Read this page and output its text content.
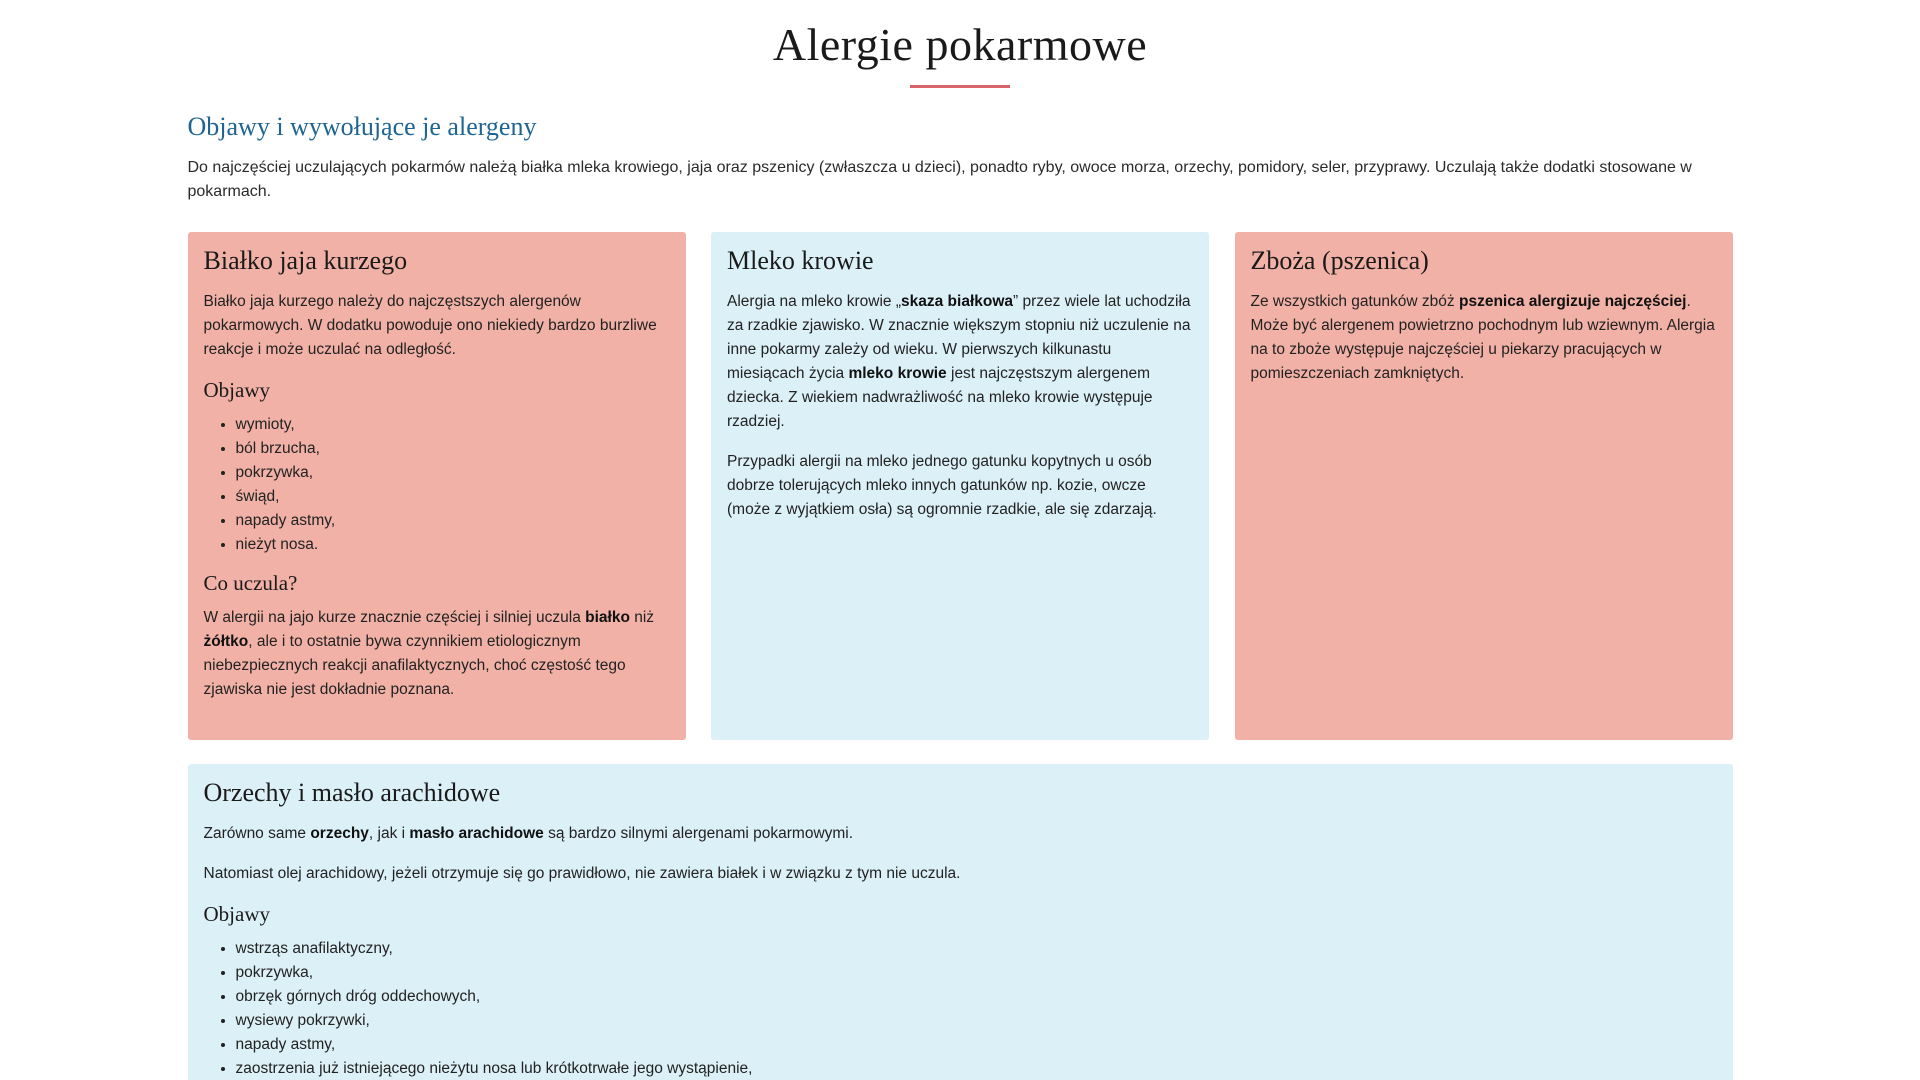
Alergie pokarmowe
Objawy i wywołujące je alergeny

Do najczęściej uczulających pokarmów należą białka mleka krowiego, jaja oraz pszenicy (zwłaszcza u dzieci), ponadto ryby, owoce morza, orzechy, pomidory, seler, przyprawy. Uczulają także dodatki stosowane w pokarmach.

Białko jaja kurzego

Białko jaja kurzego należy do najczęstszych alergenów pokarmowych. W dodatku powoduje ono niekiedy bardzo burzliwe reakcje i może uczulać na odległość.

Objawy
• wymioty,
• ból brzucha,
• pokrzywka,
• świąd,
• napady astmy,
• nieżyt nosa.
Co uczula?

W alergii na jajo kurze znacznie częściej i silniej uczula białko niż żółtko, ale i to ostatnie bywa czynnikiem etiologicznym niebezpiecznych reakcji anafilaktycznych, choć częstość tego zjawiska nie jest dokładnie poznana.

Mleko krowie

Alergia na mleko krowie „skaza białkowa” przez wiele lat uchodziła za rzadkie zjawisko. W znacznie większym stopniu niż uczulenie na inne pokarmy zależy od wieku. W pierwszych kilkunastu miesiącach życia mleko krowie jest najczęstszym alergenem dziecka. Z wiekiem nadwrażliwość na mleko krowie występuje rzadziej.

Przypadki alergii na mleko jednego gatunku kopytnych u osób dobrze tolerujących mleko innych gatunków np. kozie, owcze (może z wyjątkiem osła) są ogromnie rzadkie, ale się zdarzają.

Zboża (pszenica)

Ze wszystkich gatunków zbóż pszenica alergizuje najczęściej. Może być alergenem powietrzno pochodnym lub wziewnym. Alergia na to zboże występuje najczęściej u piekarzy pracujących w pomieszczeniach zamkniętych.

Orzechy i masło arachidowe

Zarówno same orzechy, jak i masło arachidowe są bardzo silnymi alergenami pokarmowymi.

Natomiast olej arachidowy, jeżeli otrzymuje się go prawidłowo, nie zawiera białek i w związku z tym nie uczula.

Objawy
• wstrząs anafilaktyczny,
• pokrzywka,
• obrzęk górnych dróg oddechowych,
• wysiewy pokrzywki,
• napady astmy,
• zaostrzenia już istniejącego nieżytu nosa lub krótkotrwałe jego wystąpienie,
